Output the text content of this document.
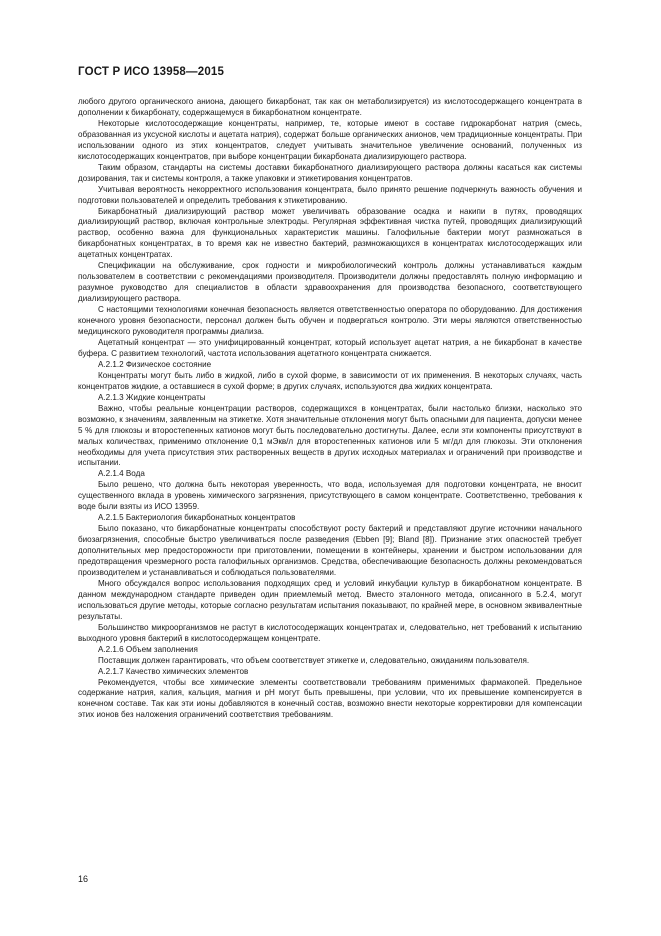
ГОСТ Р ИСО 13958—2015

любого другого органического аниона, дающего бикарбонат, так как он метаболизируется) из кислотосодержащего концентрата в дополнении к бикарбонату, содержащемуся в бикарбонатном концентрате.

Некоторые кислотосодержащие концентраты, например, те, которые имеют в составе гидрокарбонат натрия (смесь, образованная из уксусной кислоты и ацетата натрия), содержат больше органических анионов, чем традиционные концентраты. При использовании одного из этих концентратов, следует учитывать значительное увеличение оснований, полученных из кислотосодержащих концентратов, при выборе концентрации бикарбоната диализирующего раствора.

Таким образом, стандарты на системы доставки бикарбонатного диализирующего раствора должны касаться как системы дозирования, так и системы контроля, а также упаковки и этикетирования концентратов.

Учитывая вероятность некорректного использования концентрата, было принято решение подчеркнуть важность обучения и подготовки пользователей и определить требования к этикетированию.

Бикарбонатный диализирующий раствор может увеличивать образование осадка и накипи в путях, проводящих диализирующий раствор, включая контрольные электроды. Регулярная эффективная чистка путей, проводящих диализирующий раствор, особенно важна для функциональных характеристик машины. Галофильные бактерии могут размножаться в бикарбонатных концентратах, в то время как не известно бактерий, размножающихся в концентратах кислотосодержащих или ацетатных концентратах.

Спецификации на обслуживание, срок годности и микробиологический контроль должны устанавливаться каждым пользователем в соответствии с рекомендациями производителя. Производители должны предоставлять полную информацию и разумное руководство для специалистов в области здравоохранения для производства безопасного, соответствующего диализирующего раствора.

С настоящими технологиями конечная безопасность является ответственностью оператора по оборудованию. Для достижения конечного уровня безопасности, персонал должен быть обучен и подвергаться контролю. Эти меры являются ответственностью медицинского руководителя программы диализа.

Ацетатный концентрат — это унифицированный концентрат, который использует ацетат натрия, а не бикарбонат в качестве буфера. С развитием технологий, частота использования ацетатного концентрата снижается.

А.2.1.2 Физическое состояние

Концентраты могут быть либо в жидкой, либо в сухой форме, в зависимости от их применения. В некоторых случаях, часть концентратов жидкие, а оставшиеся в сухой форме; в других случаях, используются два жидких концентрата.

А.2.1.3 Жидкие концентраты

Важно, чтобы реальные концентрации растворов, содержащихся в концентратах, были настолько близки, насколько это возможно, к значениям, заявленным на этикетке. Хотя значительные отклонения могут быть опасными для пациента, допуски менее 5 % для глюкозы и второстепенных катионов могут быть последовательно достигнуты. Далее, если эти компоненты присутствуют в малых количествах, применимо отклонение 0,1 мЭкв/л для второстепенных катионов или 5 мг/дл для глюкозы. Эти отклонения необходимы для учета присутствия этих растворенных веществ в других исходных материалах и ограничений при производстве и испытании.

А.2.1.4 Вода

Было решено, что должна быть некоторая уверенность, что вода, используемая для подготовки концентрата, не вносит существенного вклада в уровень химического загрязнения, присутствующего в самом концентрате. Соответственно, требования к воде были взяты из ИСО 13959.

А.2.1.5 Бактериология бикарбонатных концентратов

Было показано, что бикарбонатные концентраты способствуют росту бактерий и представляют другие источники начального биозагрязнения, способные быстро увеличиваться после разведения (Ebben [9]; Bland [8]). Признание этих опасностей требует дополнительных мер предосторожности при приготовлении, помещении в контейнеры, хранении и быстром использовании для предотвращения чрезмерного роста галофильных организмов. Средства, обеспечивающие безопасность должны рекомендоваться производителем и устанавливаться и соблюдаться пользователями.

Много обсуждался вопрос использования подходящих сред и условий инкубации культур в бикарбонатном концентрате. В данном международном стандарте приведен один приемлемый метод. Вместо эталонного метода, описанного в 5.2.4, могут использоваться другие методы, которые согласно результатам испытания показывают, по крайней мере, в основном эквивалентные результаты.

Большинство микроорганизмов не растут в кислотосодержащих концентратах и, следовательно, нет требований к испытанию выходного уровня бактерий в кислотосодержащем концентрате.

А.2.1.6 Объем заполнения

Поставщик должен гарантировать, что объем соответствует этикетке и, следовательно, ожиданиям пользователя.

А.2.1.7 Качество химических элементов

Рекомендуется, чтобы все химические элементы соответствовали требованиям применимых фармакопей. Предельное содержание натрия, калия, кальция, магния и pH могут быть превышены, при условии, что их превышение компенсируется в конечном составе. Так как эти ионы добавляются в конечный состав, возможно внести некоторые корректировки для компенсации этих ионов без наложения ограничений соответствия требованиям.

16
